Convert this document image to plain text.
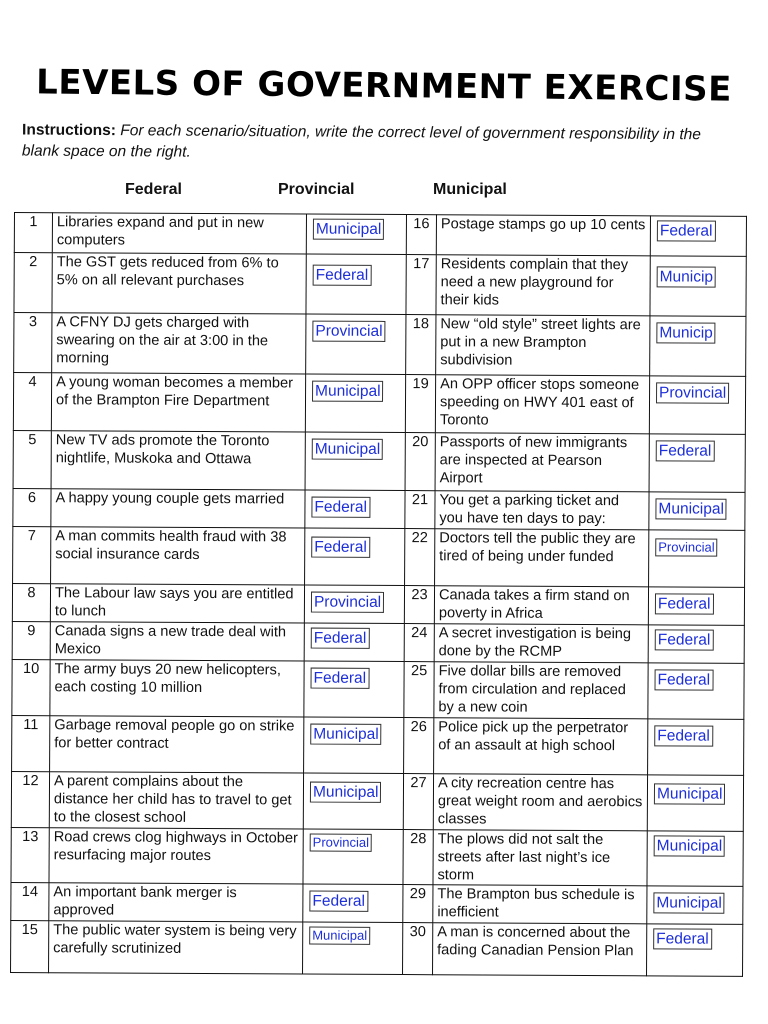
LEVELS OF GOVERNMENT EXERCISE
Instructions: For each scenario/situation, write the correct level of government responsibility in the blank space on the right.
Federal	Provincial	Municipal
1	Libraries expand and put in new computers	Municipal	16	Postage stamps go up 10 cents	Federal

2	The GST gets reduced from 6% to 5% on all relevant purchases	Federal	17	Residents complain that they need a new playground for their kids	Municip

3	A CFNY DJ gets charged with swearing on the air at 3:00 in the morning	Provincial	18	New “old style” street lights are put in a new Brampton subdivision	Municip

4	A young woman becomes a member of the Brampton Fire Department	Municipal	19	An OPP officer stops someone speeding on HWY 401 east of Toronto	Provincial

5	New TV ads promote the Toronto nightlife, Muskoka and Ottawa	Municipal	20	Passports of new immigrants are inspected at Pearson Airport	Federal

6	A happy young couple gets married	Federal	21	You get a parking ticket and you have ten days to pay:	Municipal

7	A man commits health fraud with 38 social insurance cards	Federal	22	Doctors tell the public they are tired of being under funded	Provincial

8	The Labour law says you are entitled to lunch	Provincial	23	Canada takes a firm stand on poverty in Africa	Federal

9	Canada signs a new trade deal with Mexico	Federal	24	A secret investigation is being done by the RCMP	Federal

10	The army buys 20 new helicopters, each costing 10 million	Federal	25	Five dollar bills are removed from circulation and replaced by a new coin	Federal

11	Garbage removal people go on strike for better contract	Municipal	26	Police pick up the perpetrator of an assault at high school	Federal

12	A parent complains about the distance her child has to travel to get to the closest school	Municipal	27	A city recreation centre has great weight room and aerobics classes	Municipal

13	Road crews clog highways in October resurfacing major routes	Provincial	28	The plows did not salt the streets after last night’s ice storm	Municipal

14	An important bank merger is approved	Federal	29	The Brampton bus schedule is inefficient	Municipal

15	The public water system is being very carefully scrutinized	Municipal	30	A man is concerned about the fading Canadian Pension Plan	Federal
